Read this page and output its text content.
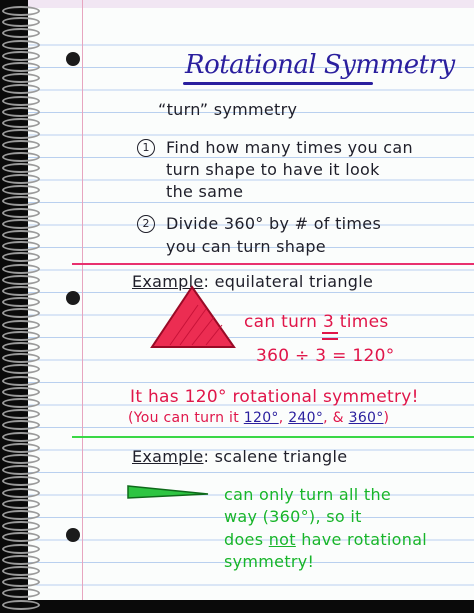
Rotational Symmetry
“turn” symmetry
1	Find how many times you can
turn shape to have it look
the same
2	Divide 360° by # of times
you can turn shape
Example: equilateral triangle
can turn 3 times
360 ÷ 3 = 120°
It has 120° rotational symmetry!
(You can turn it 120°, 240°, & 360°)
Example: scalene triangle
can only turn all the
way (360°), so it
does not have rotational
symmetry!
